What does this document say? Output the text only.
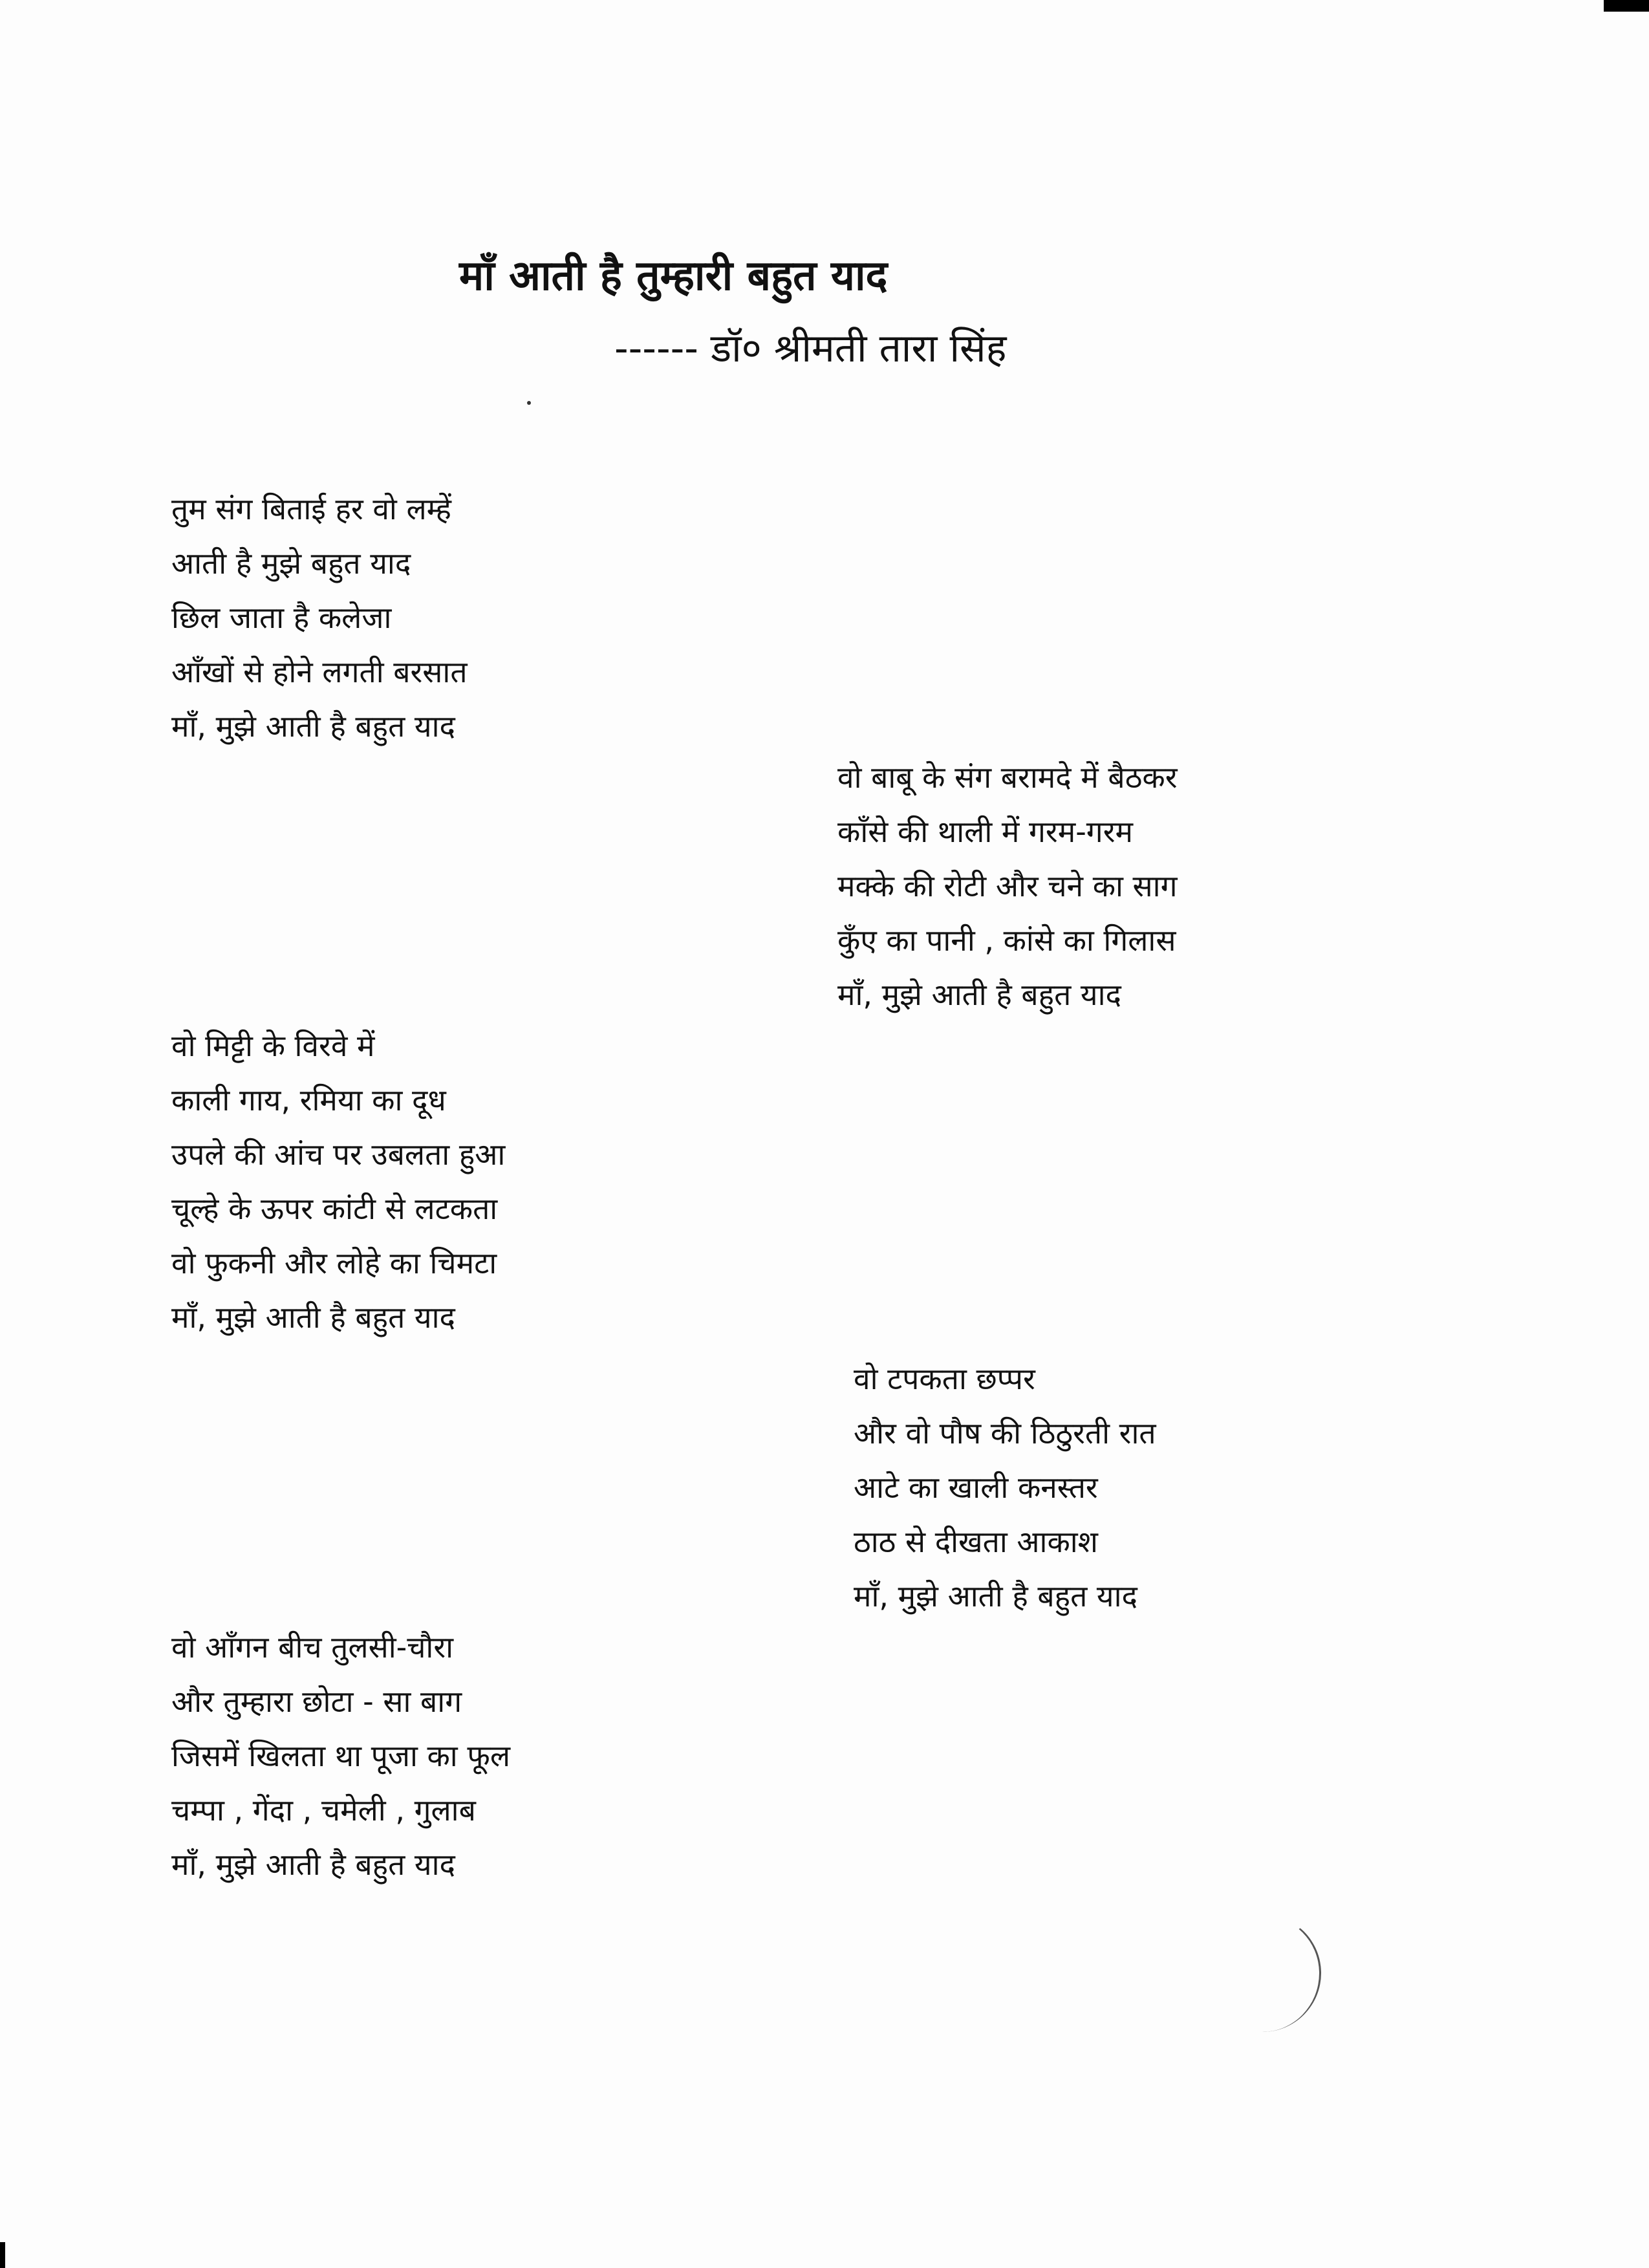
माँ आती है तुम्हारी बहुत याद
------ डॉ० श्रीमती तारा सिंह
तुम संग बिताई हर वो लम्हें
आती है मुझे बहुत याद
छिल जाता है कलेजा
आँखों से होने लगती बरसात
माँ, मुझे आती है बहुत याद
वो बाबू के संग बरामदे में बैठकर
काँसे की थाली में गरम-गरम
मक्के की रोटी और चने का साग
कुँए का पानी , कांसे का गिलास
माँ, मुझे आती है बहुत याद
वो मिट्टी के विरवे में
काली गाय, रमिया का दूध
उपले की आंच पर उबलता हुआ
चूल्हे के ऊपर कांटी से लटकता
वो फुकनी और लोहे का चिमटा
माँ, मुझे आती है बहुत याद
वो टपकता छप्पर
और वो पौष की ठिठुरती रात
आटे का खाली कनस्तर
ठाठ से दीखता आकाश
माँ, मुझे आती है बहुत याद
वो आँगन बीच तुलसी-चौरा
और तुम्हारा छोटा - सा बाग
जिसमें खिलता था पूजा का फूल
चम्पा , गेंदा , चमेली , गुलाब
माँ, मुझे आती है बहुत याद
